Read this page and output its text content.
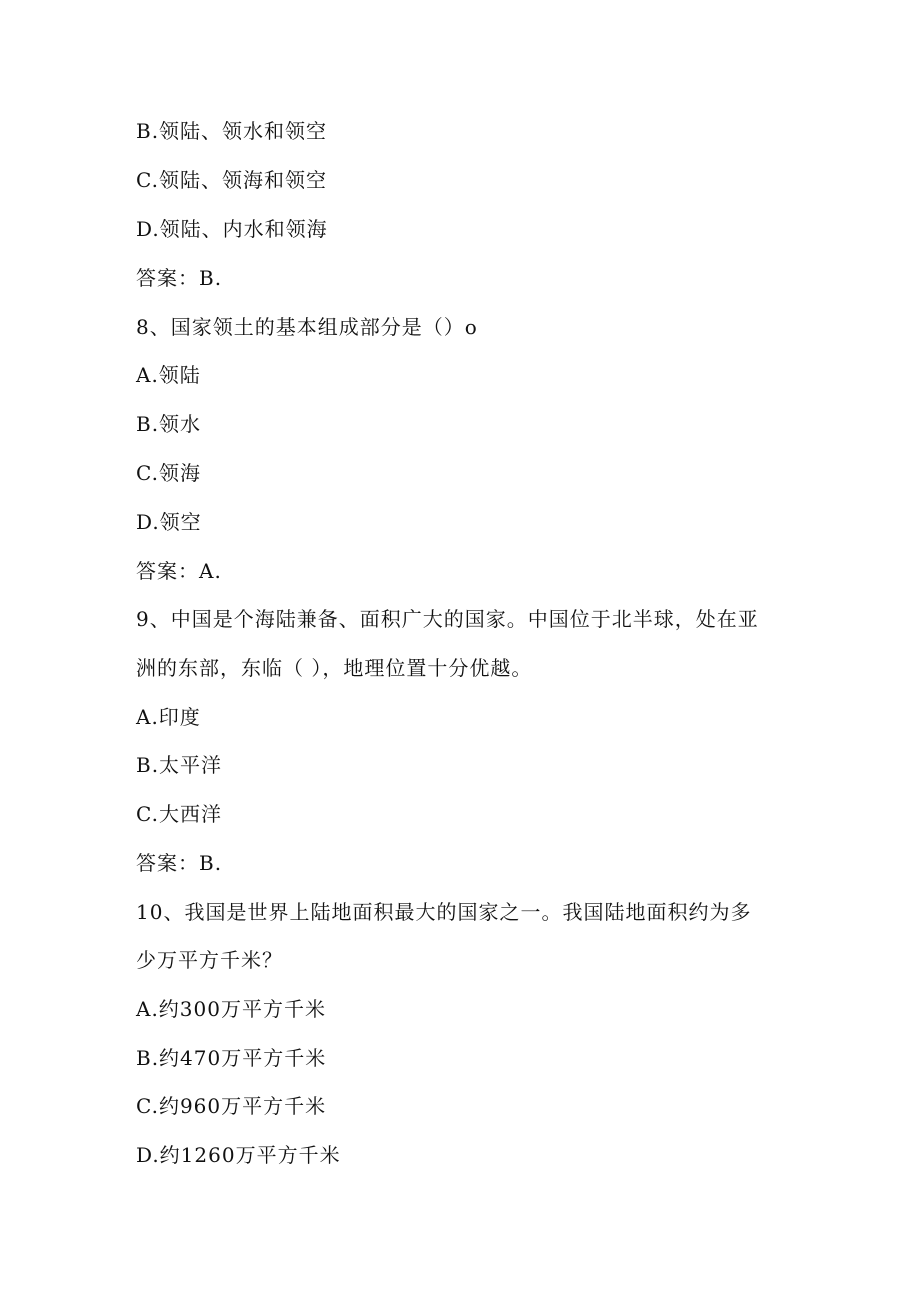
B.领陆、领水和领空
C.领陆、领海和领空
D.领陆、内水和领海
答案：B.
8、国家领土的基本组成部分是（）o
A.领陆
B.领水
C.领海
D.领空
答案：A.
9、中国是个海陆兼备、面积广大的国家。中国位于北半球，处在亚
洲的东部，东临（ ），地理位置十分优越。
A.印度
B.太平洋
C.大西洋
答案：B.
10、我国是世界上陆地面积最大的国家之一。我国陆地面积约为多
少万平方千米？
A.约300万平方千米
B.约470万平方千米
C.约960万平方千米
D.约1260万平方千米
